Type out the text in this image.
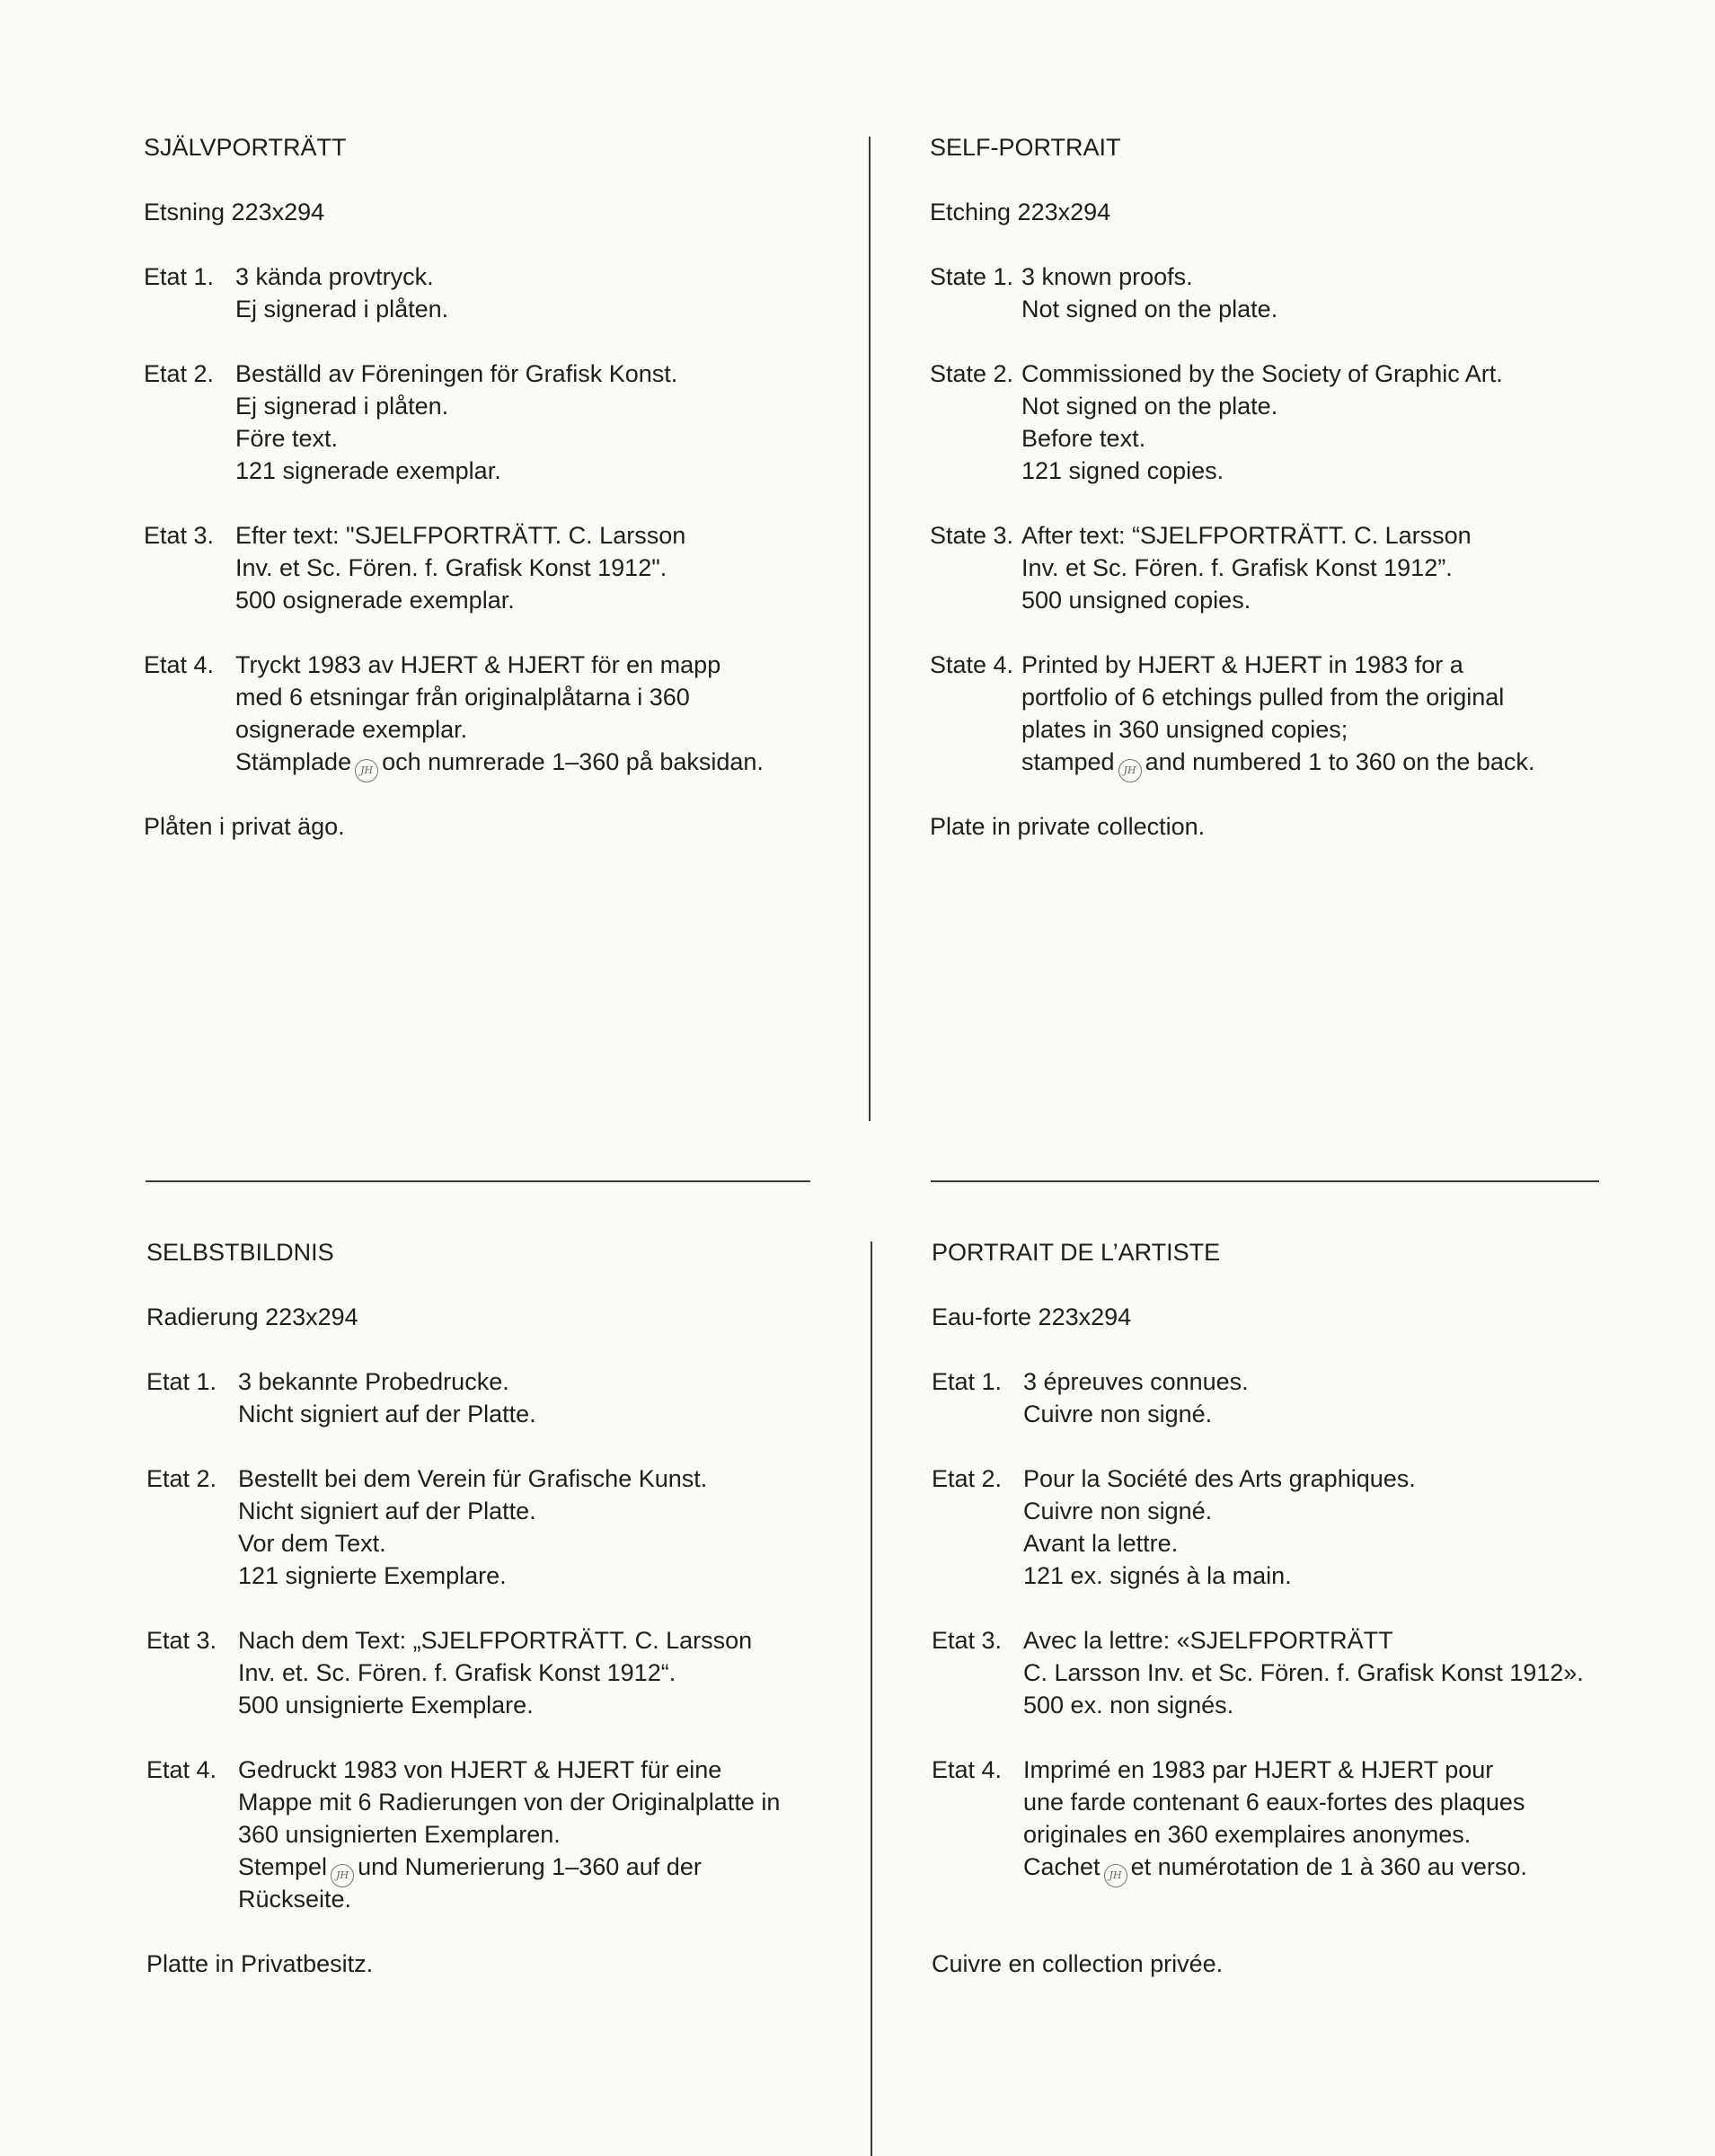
SJÄLVPORTRÄTT
Etsning 223x294
Etat 1. 3 kända provtryck.
Ej signerad i plåten.
Etat 2. Beställd av Föreningen för Grafisk Konst.
Ej signerad i plåten.
Före text.
121 signerade exemplar.
Etat 3. Efter text: "SJELFPORTRÄTT. C. Larsson
Inv. et Sc. Fören. f. Grafisk Konst 1912".
500 osignerade exemplar.
Etat 4. Tryckt 1983 av HJERT & HJERT för en mapp
med 6 etsningar från originalplåtarna i 360
osignerade exemplar.
Stämplade JH och numrerade 1–360 på baksidan.
Plåten i privat ägo.
SELF-PORTRAIT
Etching 223x294
State 1. 3 known proofs.
Not signed on the plate.
State 2. Commissioned by the Society of Graphic Art.
Not signed on the plate.
Before text.
121 signed copies.
State 3. After text: “SJELFPORTRÄTT. C. Larsson
Inv. et Sc. Fören. f. Grafisk Konst 1912”.
500 unsigned copies.
State 4. Printed by HJERT & HJERT in 1983 for a
portfolio of 6 etchings pulled from the original
plates in 360 unsigned copies;
stamped JH and numbered 1 to 360 on the back.
Plate in private collection.
SELBSTBILDNIS
Radierung 223x294
Etat 1. 3 bekannte Probedrucke.
Nicht signiert auf der Platte.
Etat 2. Bestellt bei dem Verein für Grafische Kunst.
Nicht signiert auf der Platte.
Vor dem Text.
121 signierte Exemplare.
Etat 3. Nach dem Text: „SJELFPORTRÄTT. C. Larsson
Inv. et. Sc. Fören. f. Grafisk Konst 1912“.
500 unsignierte Exemplare.
Etat 4. Gedruckt 1983 von HJERT & HJERT für eine
Mappe mit 6 Radierungen von der Originalplatte in
360 unsignierten Exemplaren.
Stempel JH und Numerierung 1–360 auf der
Rückseite.
Platte in Privatbesitz.
PORTRAIT DE L’ARTISTE
Eau-forte 223x294
Etat 1. 3 épreuves connues.
Cuivre non signé.
Etat 2. Pour la Société des Arts graphiques.
Cuivre non signé.
Avant la lettre.
121 ex. signés à la main.
Etat 3. Avec la lettre: «SJELFPORTRÄTT
C. Larsson Inv. et Sc. Fören. f. Grafisk Konst 1912».
500 ex. non signés.
Etat 4. Imprimé en 1983 par HJERT & HJERT pour
une farde contenant 6 eaux-fortes des plaques
originales en 360 exemplaires anonymes.
Cachet JH et numérotation de 1 à 360 au verso.
Cuivre en collection privée.
